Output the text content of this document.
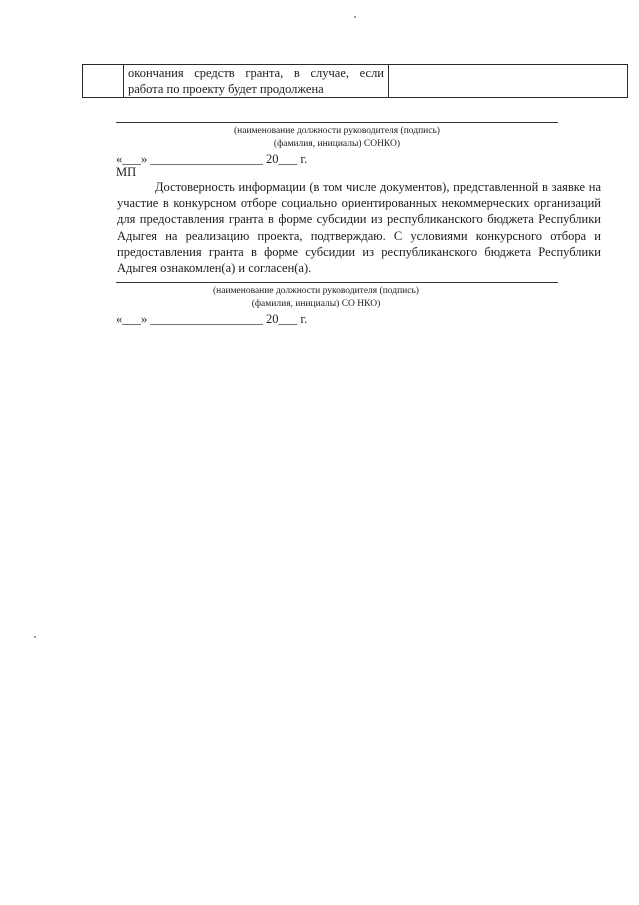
	окончания средств гранта, в случае, если работа по проекту будет продолжена	
(наименование должности руководителя (подпись)
(фамилия, инициалы) СОНКО)
«___» __________________ 20___ г.
МП
Достоверность информации (в том числе документов), представленной в заявке на участие в конкурсном отборе социально ориентированных некоммерческих организаций для предоставления гранта в форме субсидии из республиканского бюджета Республики Адыгея на реализацию проекта, подтверждаю. С условиями конкурсного отбора и предоставления гранта в форме субсидии из республиканского бюджета Республики Адыгея ознакомлен(а) и согласен(а).
(наименование должности руководителя (подпись)
(фамилия, инициалы) СО НКО)
«___» __________________ 20___ г.
